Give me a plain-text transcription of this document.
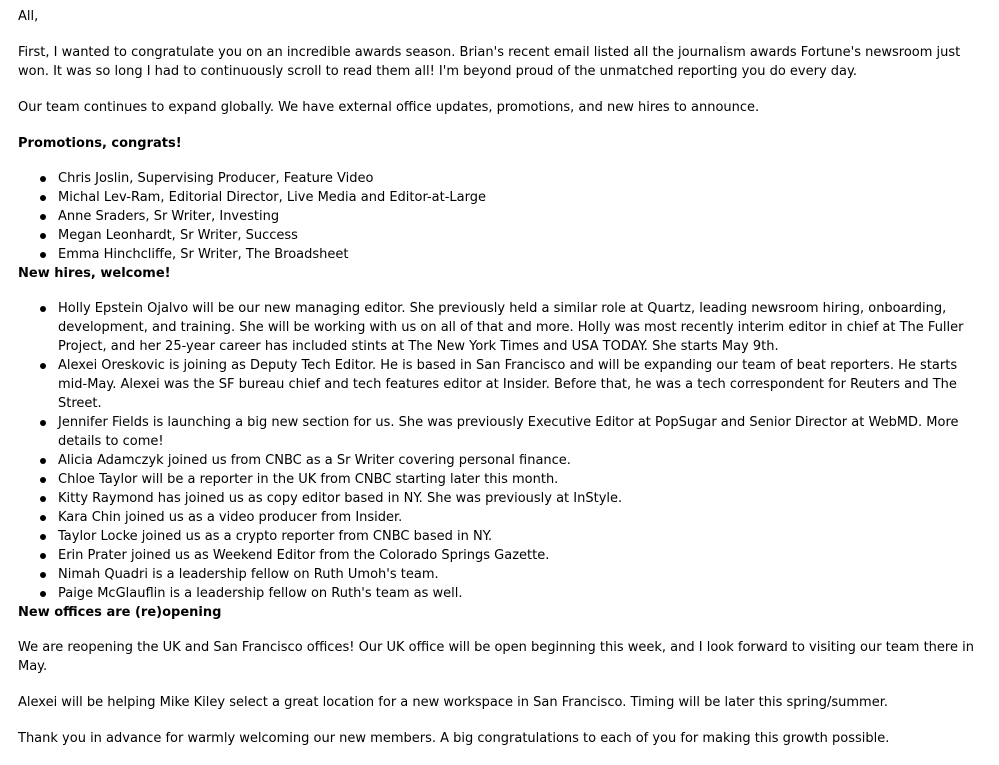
All,

First, I wanted to congratulate you on an incredible awards season. Brian's recent email listed all the journalism awards Fortune's newsroom just won. It was so long I had to continuously scroll to read them all! I'm beyond proud of the unmatched reporting you do every day.

Our team continues to expand globally. We have external office updates, promotions, and new hires to announce.

Promotions, congrats!
Chris Joslin, Supervising Producer, Feature Video
Michal Lev-Ram, Editorial Director, Live Media and Editor-at-Large
Anne Sraders, Sr Writer, Investing
Megan Leonhardt, Sr Writer, Success
Emma Hinchcliffe, Sr Writer, The Broadsheet
New hires, welcome!
Holly Epstein Ojalvo will be our new managing editor. She previously held a similar role at Quartz, leading newsroom hiring, onboarding, development, and training. She will be working with us on all of that and more. Holly was most recently interim editor in chief at The Fuller Project, and her 25-year career has included stints at The New York Times and USA TODAY. She starts May 9th.
Alexei Oreskovic is joining as Deputy Tech Editor. He is based in San Francisco and will be expanding our team of beat reporters. He starts mid-May. Alexei was the SF bureau chief and tech features editor at Insider. Before that, he was a tech correspondent for Reuters and The Street.
Jennifer Fields is launching a big new section for us. She was previously Executive Editor at PopSugar and Senior Director at WebMD. More details to come!
Alicia Adamczyk joined us from CNBC as a Sr Writer covering personal finance.
Chloe Taylor will be a reporter in the UK from CNBC starting later this month.
Kitty Raymond has joined us as copy editor based in NY. She was previously at InStyle.
Kara Chin joined us as a video producer from Insider.
Taylor Locke joined us as a crypto reporter from CNBC based in NY.
Erin Prater joined us as Weekend Editor from the Colorado Springs Gazette.
Nimah Quadri is a leadership fellow on Ruth Umoh's team.
Paige McGlauflin is a leadership fellow on Ruth's team as well.
New offices are (re)opening

We are reopening the UK and San Francisco offices! Our UK office will be open beginning this week, and I look forward to visiting our team there in May.

Alexei will be helping Mike Kiley select a great location for a new workspace in San Francisco. Timing will be later this spring/summer.

Thank you in advance for warmly welcoming our new members. A big congratulations to each of you for making this growth possible.
